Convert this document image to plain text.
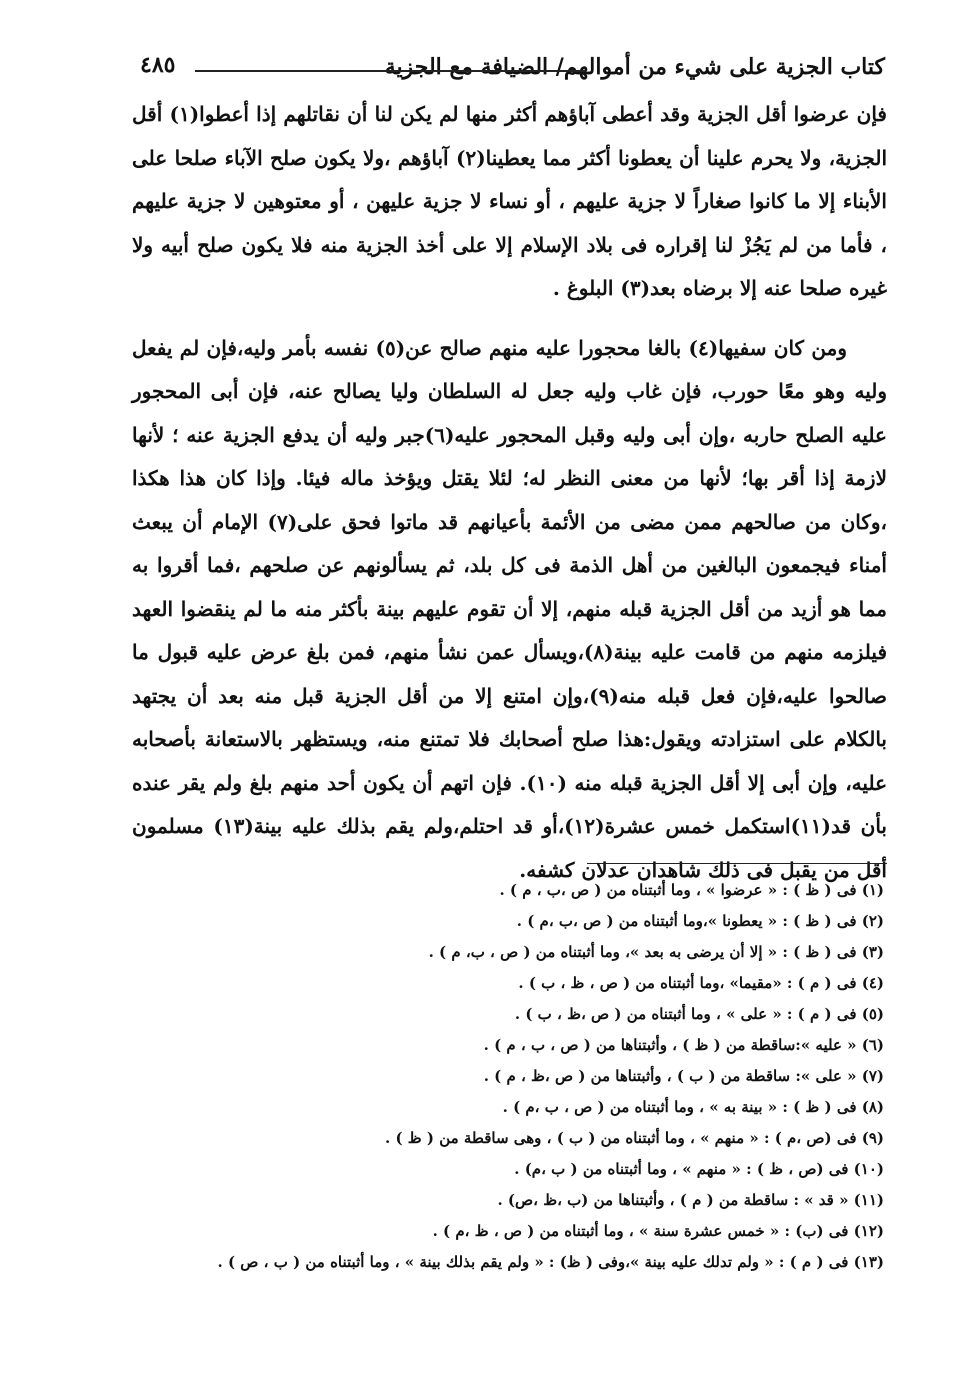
كتاب الجزية على شيء من أموالهم/ الضيافة مع الجزية
٤٨٥

فإن عرضوا أقل الجزية وقد أعطى آباؤهم أكثر منها لم يكن لنا أن نقاتلهم إذا أعطوا(١) أقل الجزية، ولا يحرم علينا أن يعطونا أكثر مما يعطينا(٢) آباؤهم ،ولا يكون صلح الآباء صلحا على الأبناء إلا ما كانوا صغاراً لا جزية عليهم ، أو نساء لا جزية عليهن ، أو معتوهين لا جزية عليهم ، فأما من لم يَجُزْ لنا إقراره فى بلاد الإسلام إلا على أخذ الجزية منه فلا يكون صلح أبيه ولا غيره صلحا عنه إلا برضاه بعد(٣) البلوغ .

ومن كان سفيها(٤) بالغا محجورا عليه منهم صالح عن(٥) نفسه بأمر وليه،فإن لم يفعل وليه وهو معًا حورب، فإن غاب وليه جعل له السلطان وليا يصالح عنه، فإن أبى المحجور عليه الصلح حاربه ،وإن أبى وليه وقبل المحجور عليه(٦)جبر وليه أن يدفع الجزية عنه ؛ لأنها لازمة إذا أقر بها؛ لأنها من معنى النظر له؛ لئلا يقتل ويؤخذ ماله فيئا. وإذا كان هذا هكذا ،وكان من صالحهم ممن مضى من الأئمة بأعيانهم قد ماتوا فحق على(٧) الإمام أن يبعث أمناء فيجمعون البالغين من أهل الذمة فى كل بلد، ثم يسألونهم عن صلحهم ،فما أقروا به مما هو أزيد من أقل الجزية قبله منهم، إلا أن تقوم عليهم بينة بأكثر منه ما لم ينقضوا العهد فيلزمه منهم من قامت عليه بينة(٨)،ويسأل عمن نشأ منهم، فمن بلغ عرض عليه قبول ما صالحوا عليه،فإن فعل قبله منه(٩)،وإن امتنع إلا من أقل الجزية قبل منه بعد أن يجتهد بالكلام على استزادته ويقول:هذا صلح أصحابك فلا تمتنع منه، ويستظهر بالاستعانة بأصحابه عليه، وإن أبى إلا أقل الجزية قبله منه (١٠). فإن اتهم أن يكون أحد منهم بلغ ولم يقر عنده بأن قد(١١)استكمل خمس عشرة(١٢)،أو قد احتلم،ولم يقم بذلك عليه بينة(١٣) مسلمون أقل من يقبل فى ذلك شاهدان عدلان كشفه.

(١) فى ( ظ ) : « عرضوا » ، وما أثبتناه من ( ص ،ب ، م ) .
(٢) فى ( ظ ) : « يعطونا »،وما أثبتناه من ( ص ،ب ،م ) .
(٣) فى ( ظ ) : « إلا أن يرضى به بعد »، وما أثبتناه من ( ص ، ب، م ) .
(٤) فى ( م ) : «مقيما» ،وما أثبتناه من ( ص ، ظ ، ب ) .
(٥) فى ( م ) : « على » ، وما أثبتناه من ( ص ،ظ ، ب ) .
(٦) « عليه »:ساقطة من ( ظ ) ، وأثبتناها من ( ص ، ب ، م ) .
(٧) « على »: ساقطة من ( ب ) ، وأثبتناها من ( ص ،ظ ، م ) .
(٨) فى ( ظ ) : « بينة به » ، وما أثبتناه من ( ص ، ب ،م ) .
(٩) فى (ص ،م ) : « منهم » ، وما أثبتناه من ( ب ) ، وهى ساقطة من ( ظ ) .
(١٠) فى (ص ، ظ ) : « منهم » ، وما أثبتناه من ( ب ،م) .
(١١) « قد » : ساقطة من ( م ) ، وأثبتناها من (ب ،ظ ،ص) .
(١٢) فى (ب) : « خمس عشرة سنة » ، وما أثبتناه من ( ص ، ظ ،م ) .
(١٣) فى ( م ) : « ولم تدلك عليه بينة »،وفى ( ظ) : « ولم يقم بذلك بينة » ، وما أثبتناه من ( ب ، ص ) .
